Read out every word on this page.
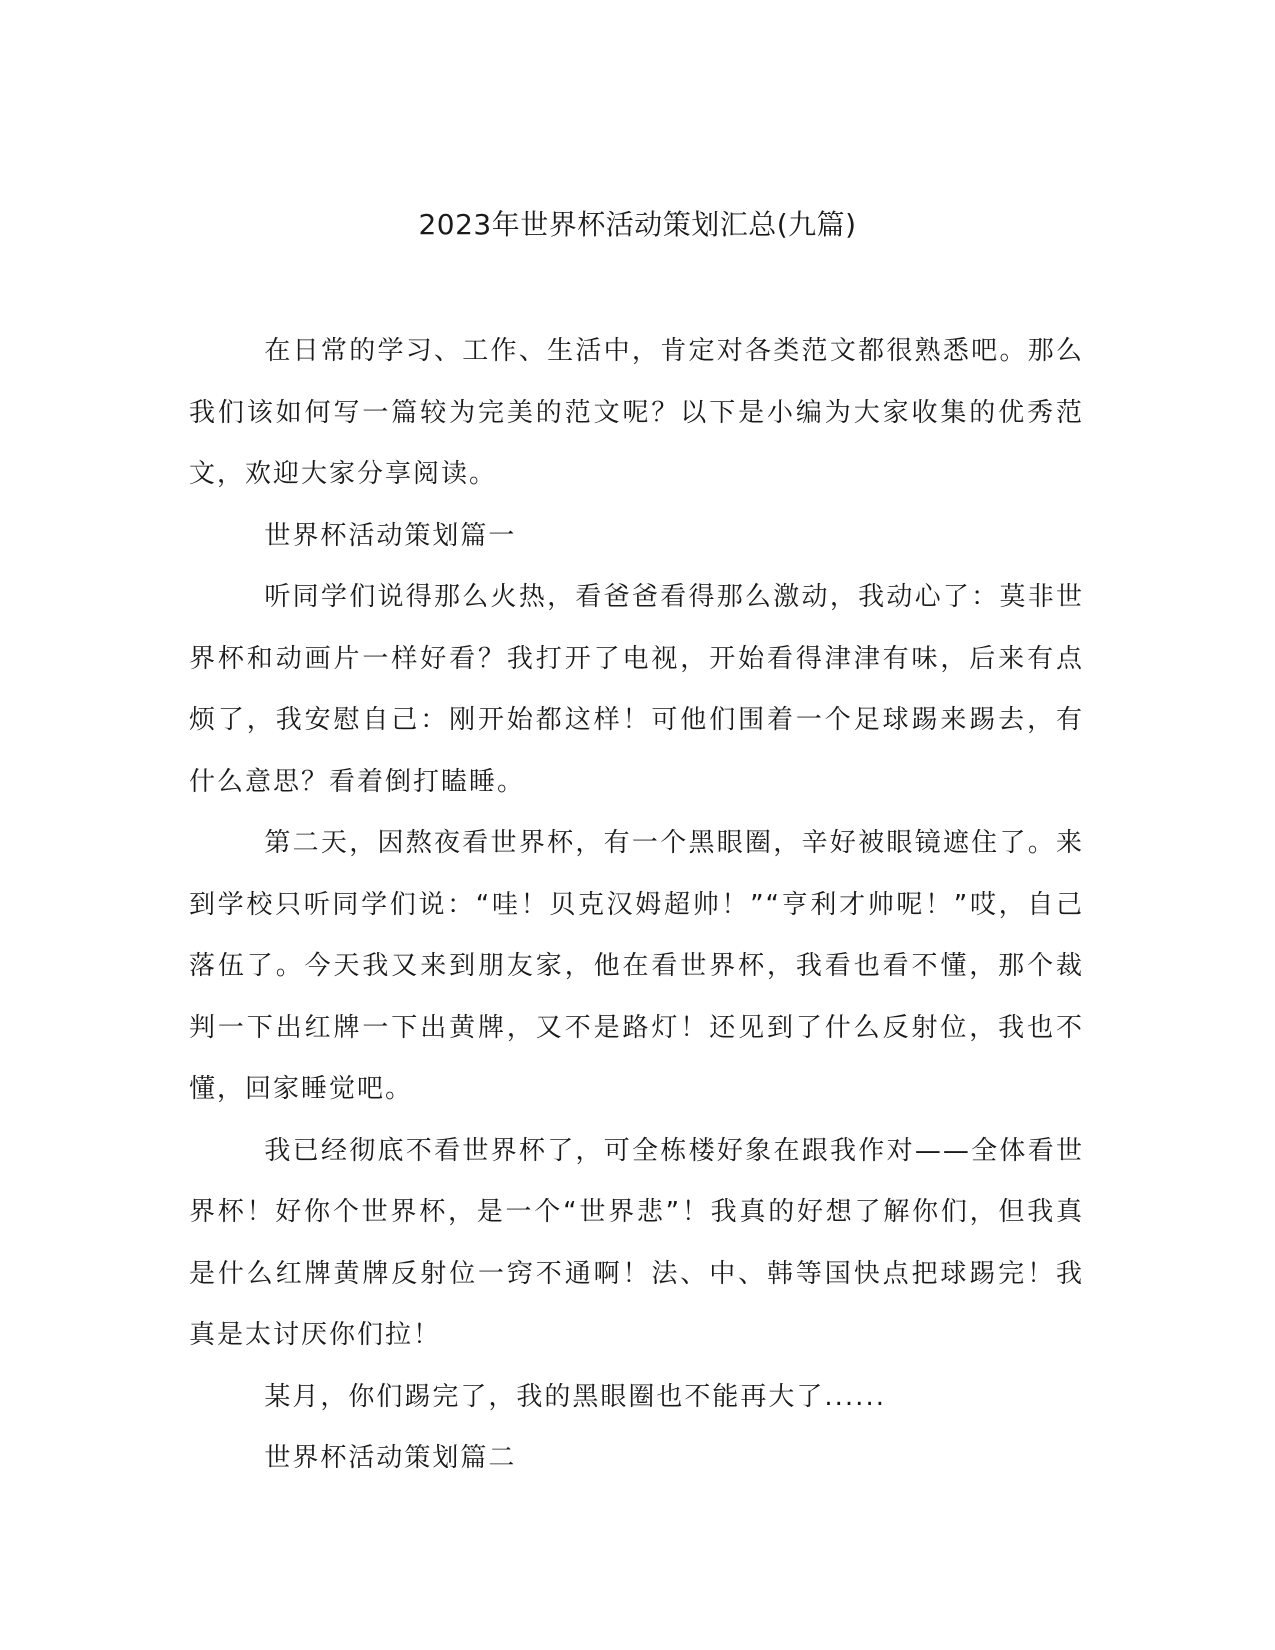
2023年世界杯活动策划汇总(九篇)

在日常的学习、工作、生活中，肯定对各类范文都很熟悉吧。那么我们该如何写一篇较为完美的范文呢？以下是小编为大家收集的优秀范文，欢迎大家分享阅读。

世界杯活动策划篇一

听同学们说得那么火热，看爸爸看得那么激动，我动心了：莫非世界杯和动画片一样好看？我打开了电视，开始看得津津有味，后来有点烦了，我安慰自己：刚开始都这样！可他们围着一个足球踢来踢去，有什么意思？看着倒打瞌睡。

第二天，因熬夜看世界杯，有一个黑眼圈，辛好被眼镜遮住了。来到学校只听同学们说：“哇！贝克汉姆超帅！”“亨利才帅呢！”哎，自己落伍了。今天我又来到朋友家，他在看世界杯，我看也看不懂，那个裁判一下出红牌一下出黄牌，又不是路灯！还见到了什么反射位，我也不懂，回家睡觉吧。

我已经彻底不看世界杯了，可全栋楼好象在跟我作对——全体看世界杯！好你个世界杯，是一个“世界悲”！我真的好想了解你们，但我真是什么红牌黄牌反射位一窍不通啊！法、中、韩等国快点把球踢完！我真是太讨厌你们拉！

某月，你们踢完了，我的黑眼圈也不能再大了......

世界杯活动策划篇二
